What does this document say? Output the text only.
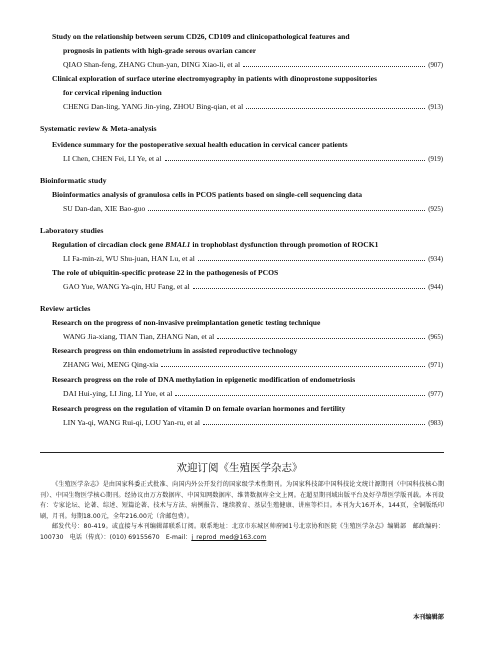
Study on the relationship between serum CD26, CD109 and clinicopathological features and
prognosis in patients with high-grade serous ovarian cancer
QIAO Shan-feng, ZHANG Chun-yan, DING Xiao-li, et al	(907)
Clinical exploration of surface uterine electromyography in patients with dinoprostone suppositories
for cervical ripening induction
CHENG Dan-ling, YANG Jin-ying, ZHOU Bing-qian, et al	(913)
Systematic review & Meta-analysis
Evidence summary for the postoperative sexual health education in cervical cancer patients
LI Chen, CHEN Fei, LI Ye, et al	(919)
Bioinformatic study
Bioinformatics analysis of granulosa cells in PCOS patients based on single-cell sequencing data
SU Dan-dan, XIE Bao-guo	(925)
Laboratory studies
Regulation of circadian clock gene BMAL1 in trophoblast dysfunction through promotion of ROCK1
LI Fa-min-zi, WU Shu-juan, HAN Lu, et al	(934)
The role of ubiquitin-specific protease 22 in the pathogenesis of PCOS
GAO Yue, WANG Ya-qin, HU Fang, et al	(944)
Review articles
Research on the progress of non-invasive preimplantation genetic testing technique
WANG Jia-xiang, TIAN Tian, ZHANG Nan, et al	(965)
Research progress on thin endometrium in assisted reproductive technology
ZHANG Wei, MENG Qing-xia	(971)
Research progress on the role of DNA methylation in epigenetic modification of endometriosis
DAI Hui-ying, LI Jing, LI Yue, et al	(977)
Research progress on the regulation of vitamin D on female ovarian hormones and fertility
LIN Ya-qi, WANG Rui-qi, LOU Yan-ru, et al	(983)
欢迎订阅《生殖医学杂志》

《生殖医学杂志》是由国家科委正式批准、向国内外公开发行的国家级学术性期刊。为国家科技部中国科技论文统计源期刊（中国科技核心期刊）、中国生物医学核心期刊。经协议由万方数据库、中国知网数据库、维普数据库全文上网。在超星期刊域出版平台及好孕帮医学版刊载。本刊设有：专家论坛、论著、综述、短篇论著、技术与方法、病例报告、继续教育、基层生殖健康、讲座等栏目。本刊为大16开本，144页，全铜版纸印刷，月刊。每期18.00元，全年216.00元（含邮包费）。

邮发代号：80-419。或直接与本刊编辑部联系订阅。联系地址：北京市东城区帅府园1号北京协和医院《生殖医学杂志》编辑部　邮政编码：100730　电话（传真）：(010) 69155670　E-mail：j_reprod_med@163.com

本刊编辑部
